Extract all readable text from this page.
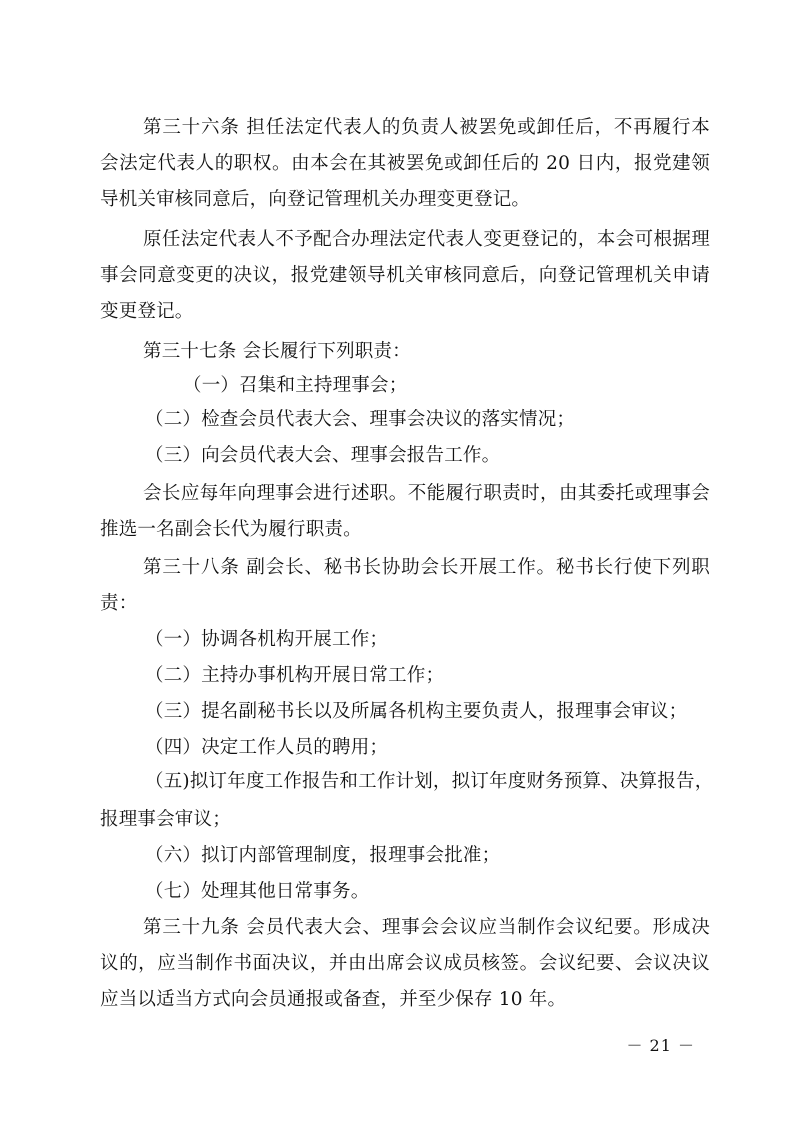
第三十六条 担任法定代表人的负责人被罢免或卸任后，不再履行本
会法定代表人的职权。由本会在其被罢免或卸任后的 20 日内，报党建领
导机关审核同意后，向登记管理机关办理变更登记。
原任法定代表人不予配合办理法定代表人变更登记的，本会可根据理
事会同意变更的决议，报党建领导机关审核同意后，向登记管理机关申请
变更登记。
第三十七条 会长履行下列职责：
（一）召集和主持理事会；
（二）检查会员代表大会、理事会决议的落实情况；
（三）向会员代表大会、理事会报告工作。
会长应每年向理事会进行述职。不能履行职责时，由其委托或理事会
推选一名副会长代为履行职责。
第三十八条 副会长、秘书长协助会长开展工作。秘书长行使下列职
责：
（一）协调各机构开展工作；
（二）主持办事机构开展日常工作；
（三）提名副秘书长以及所属各机构主要负责人，报理事会审议；
（四）决定工作人员的聘用；
（五)拟订年度工作报告和工作计划，拟订年度财务预算、决算报告，
报理事会审议；
（六）拟订内部管理制度，报理事会批准；
（七）处理其他日常事务。
第三十九条 会员代表大会、理事会会议应当制作会议纪要。形成决
议的，应当制作书面决议，并由出席会议成员核签。会议纪要、会议决议
应当以适当方式向会员通报或备查，并至少保存 10 年。
－ 21 －
